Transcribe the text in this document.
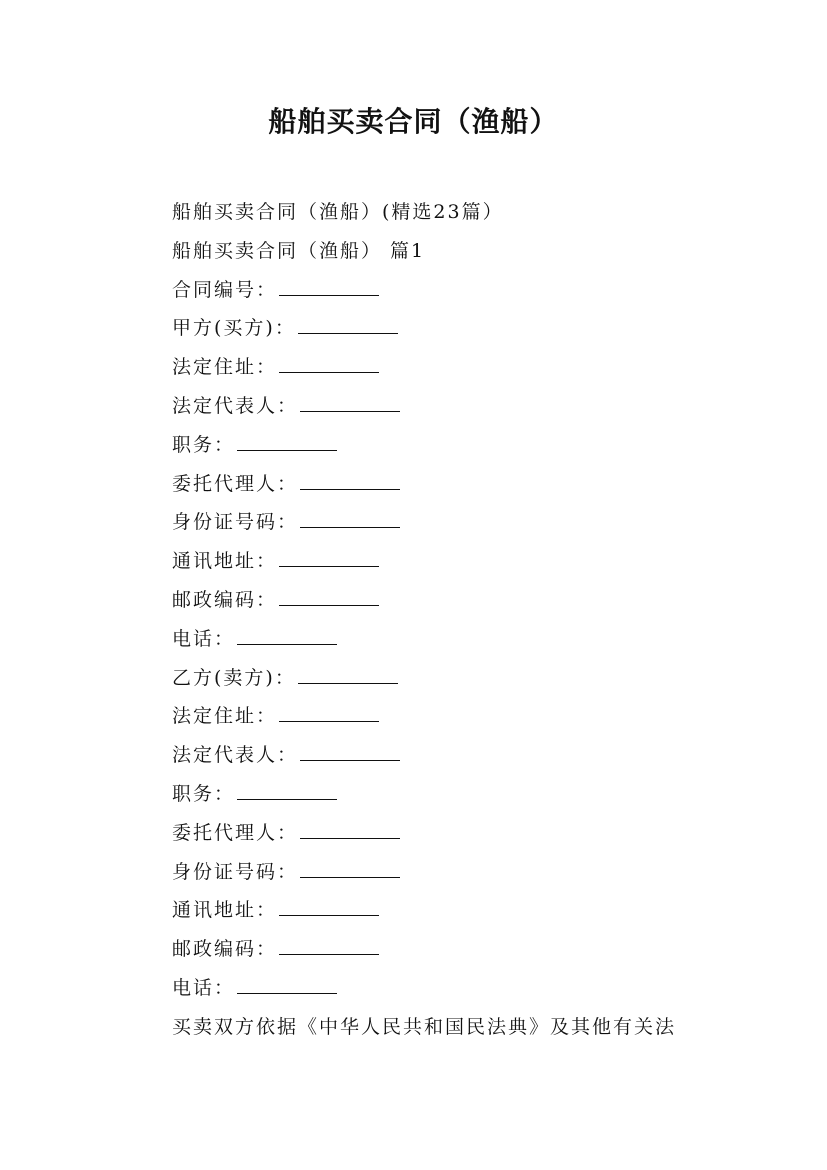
船舶买卖合同（渔船）
船舶买卖合同（渔船）(精选23篇）
船舶买卖合同（渔船） 篇1
合同编号：
甲方(买方)：
法定住址：
法定代表人：
职务：
委托代理人：
身份证号码：
通讯地址：
邮政编码：
电话：
乙方(卖方)：
法定住址：
法定代表人：
职务：
委托代理人：
身份证号码：
通讯地址：
邮政编码：
电话：
买卖双方依据《中华人民共和国民法典》及其他有关法
